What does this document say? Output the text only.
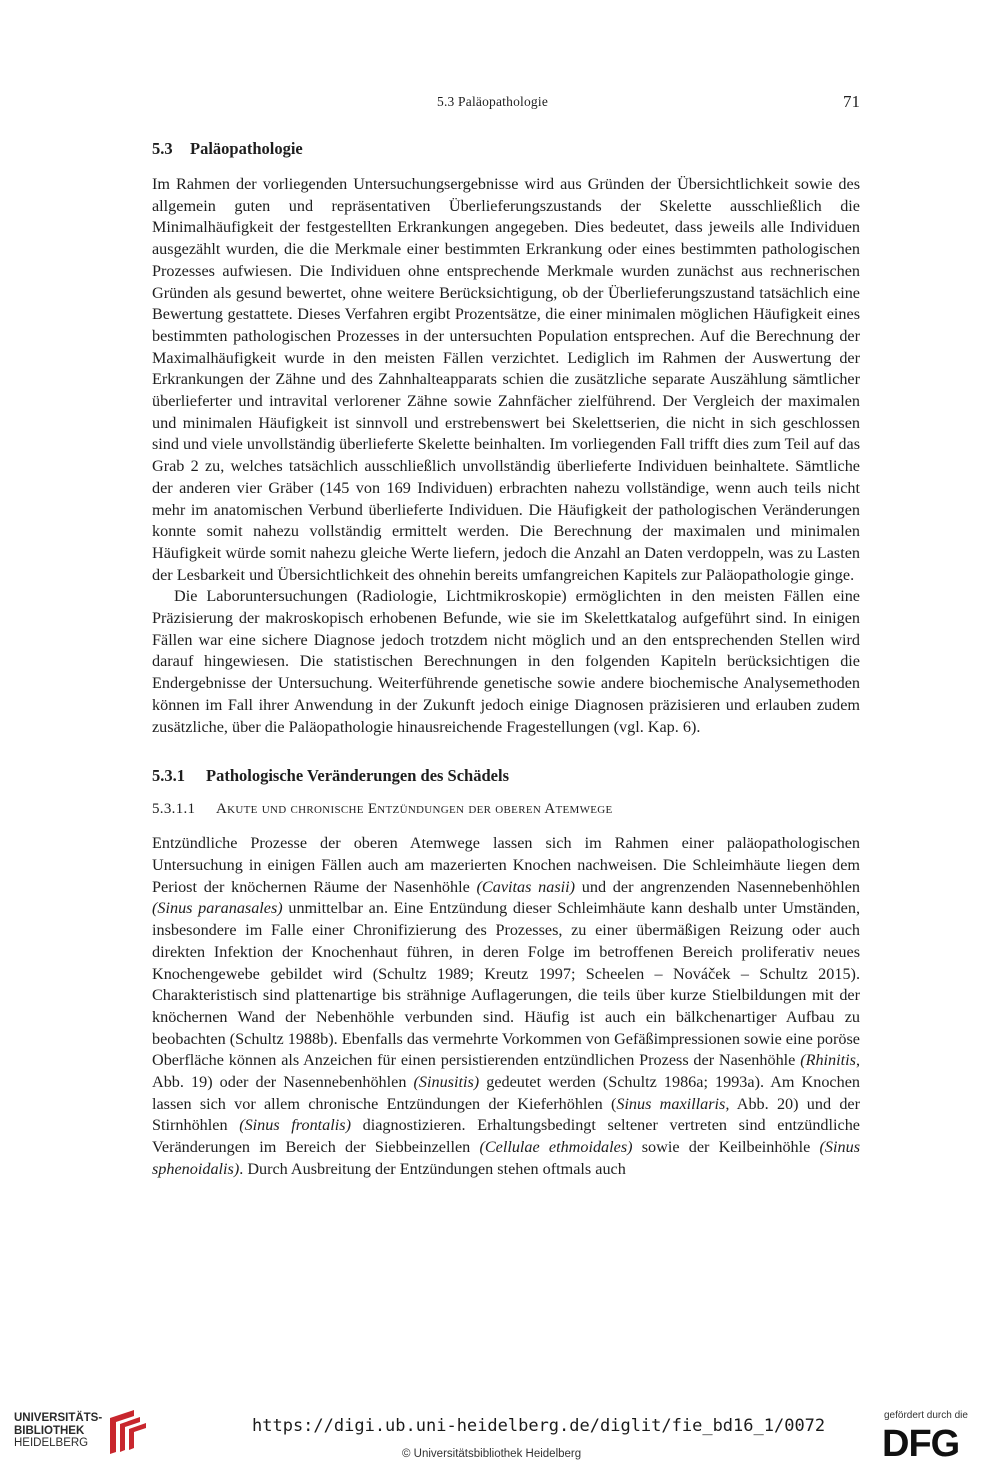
5.3 Paläopathologie	71
5.3 Paläopathologie

Im Rahmen der vorliegenden Untersuchungsergebnisse wird aus Gründen der Übersichtlichkeit sowie des allgemein guten und repräsentativen Überlieferungszustands der Skelette ausschließlich die Minimalhäufigkeit der festgestellten Erkrankungen angegeben. Dies bedeutet, dass jeweils alle Individuen ausgezählt wurden, die die Merkmale einer bestimmten Erkrankung oder eines bestimmten pathologischen Prozesses aufwiesen. Die Individuen ohne entsprechende Merkmale wurden zunächst aus rechnerischen Gründen als gesund bewertet, ohne weitere Berücksichtigung, ob der Überlieferungszustand tatsächlich eine Bewertung gestattete. Dieses Verfahren ergibt Prozentsätze, die einer minimalen möglichen Häufigkeit eines bestimmten pathologischen Prozesses in der untersuchten Population entsprechen. Auf die Berechnung der Maximalhäufigkeit wurde in den meisten Fällen verzichtet. Lediglich im Rahmen der Auswertung der Erkrankungen der Zähne und des Zahnhalteapparats schien die zusätzliche separate Auszählung sämtlicher überlieferter und intravital verlorener Zähne sowie Zahnfächer zielführend. Der Vergleich der maximalen und minimalen Häufigkeit ist sinnvoll und erstrebenswert bei Skelettserien, die nicht in sich geschlossen sind und viele unvollständig überlieferte Skelette beinhalten. Im vorliegenden Fall trifft dies zum Teil auf das Grab 2 zu, welches tatsächlich ausschließlich unvollständig überlieferte Individuen beinhaltete. Sämtliche der anderen vier Gräber (145 von 169 Individuen) erbrachten nahezu vollständige, wenn auch teils nicht mehr im anatomischen Verbund überlieferte Individuen. Die Häufigkeit der pathologischen Veränderungen konnte somit nahezu vollständig ermittelt werden. Die Berechnung der maximalen und minimalen Häufigkeit würde somit nahezu gleiche Werte liefern, jedoch die Anzahl an Daten verdoppeln, was zu Lasten der Lesbarkeit und Übersichtlichkeit des ohnehin bereits umfangreichen Kapitels zur Paläopathologie ginge.

Die Laboruntersuchungen (Radiologie, Lichtmikroskopie) ermöglichten in den meisten Fällen eine Präzisierung der makroskopisch erhobenen Befunde, wie sie im Skelettkatalog aufgeführt sind. In einigen Fällen war eine sichere Diagnose jedoch trotzdem nicht möglich und an den entsprechenden Stellen wird darauf hingewiesen. Die statistischen Berechnungen in den folgenden Kapiteln berücksichtigen die Endergebnisse der Untersuchung. Weiterführende genetische sowie andere biochemische Analysemethoden können im Fall ihrer Anwendung in der Zukunft jedoch einige Diagnosen präzisieren und erlauben zudem zusätzliche, über die Paläopathologie hinausreichende Fragestellungen (vgl. Kap. 6).

5.3.1 Pathologische Veränderungen des Schädels
5.3.1.1 Akute und chronische Entzündungen der oberen Atemwege

Entzündliche Prozesse der oberen Atemwege lassen sich im Rahmen einer paläopathologischen Untersuchung in einigen Fällen auch am mazerierten Knochen nachweisen. Die Schleimhäute liegen dem Periost der knöchernen Räume der Nasenhöhle (Cavitas nasii) und der angrenzenden Nasennebenhöhlen (Sinus paranasales) unmittelbar an. Eine Entzündung dieser Schleimhäute kann deshalb unter Umständen, insbesondere im Falle einer Chronifizierung des Prozesses, zu einer übermäßigen Reizung oder auch direkten Infektion der Knochenhaut führen, in deren Folge im betroffenen Bereich proliferativ neues Knochengewebe gebildet wird (Schultz 1989; Kreutz 1997; Scheelen – Nováček – Schultz 2015). Charakteristisch sind plattenartige bis strähnige Auflagerungen, die teils über kurze Stielbildungen mit der knöchernen Wand der Nebenhöhle verbunden sind. Häufig ist auch ein bälkchenartiger Aufbau zu beobachten (Schultz 1988b). Ebenfalls das vermehrte Vorkommen von Gefäßimpressionen sowie eine poröse Oberfläche können als Anzeichen für einen persistierenden entzündlichen Prozess der Nasenhöhle (Rhinitis, Abb. 19) oder der Nasennebenhöhlen (Sinusitis) gedeutet werden (Schultz 1986a; 1993a). Am Knochen lassen sich vor allem chronische Entzündungen der Kieferhöhlen (Sinus maxillaris, Abb. 20) und der Stirnhöhlen (Sinus frontalis) diagnostizieren. Erhaltungsbedingt seltener vertreten sind entzündliche Veränderungen im Bereich der Siebbeinzellen (Cellulae ethmoidales) sowie der Keilbeinhöhle (Sinus sphenoidalis). Durch Ausbreitung der Entzündungen stehen oftmals auch

UNIVERSITÄTS-
BIBLIOTHEK
HEIDELBERG
https://digi.ub.uni-heidelberg.de/diglit/fie_bd16_1/0072
© Universitätsbibliothek Heidelberg
gefördert durch die
DFG
